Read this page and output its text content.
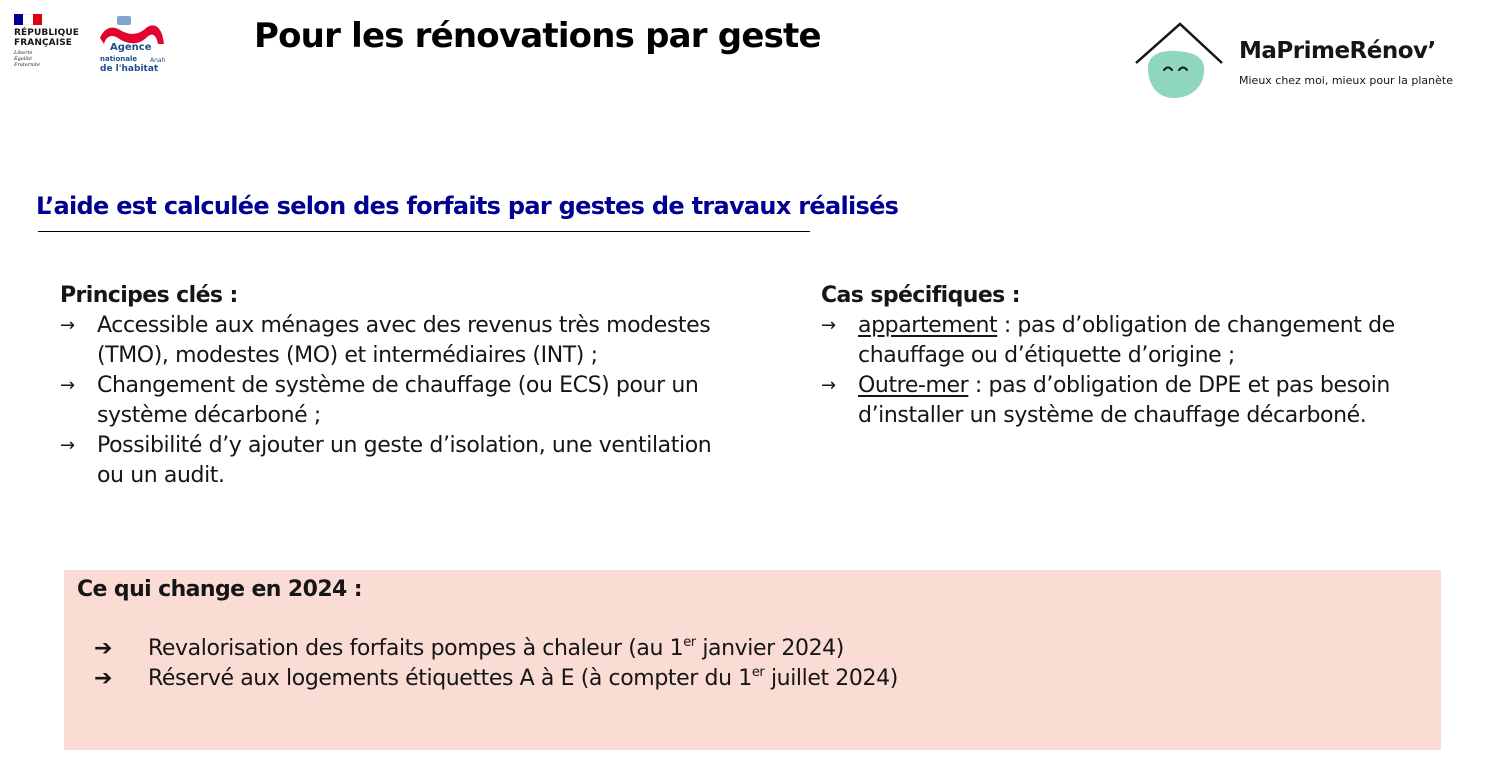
RÉPUBLIQUE
FRANÇAISE
Liberté
Égalité
Fraternité
Agence
nationale
de l'habitat
Anah
Pour les rénovations par geste	MaPrimeRénov’
Mieux chez moi, mieux pour la planète
L’aide est calculée selon des forfaits par gestes de travaux réalisés
Principes clés :
→ Accessible aux ménages avec des revenus très modestes (TMO), modestes (MO) et intermédiaires (INT) ;
→ Changement de système de chauffage (ou ECS) pour un système décarboné ;
→ Possibilité d’y ajouter un geste d’isolation, une ventilation ou un audit.
Cas spécifiques :
→ appartement : pas d’obligation de changement de chauffage ou d’étiquette d’origine ;
→ Outre-mer : pas d’obligation de DPE et pas besoin d’installer un système de chauffage décarboné.
Ce qui change en 2024 :
➔ Revalorisation des forfaits pompes à chaleur (au 1er janvier 2024)
➔ Réservé aux logements étiquettes A à E (à compter du 1er juillet 2024)
